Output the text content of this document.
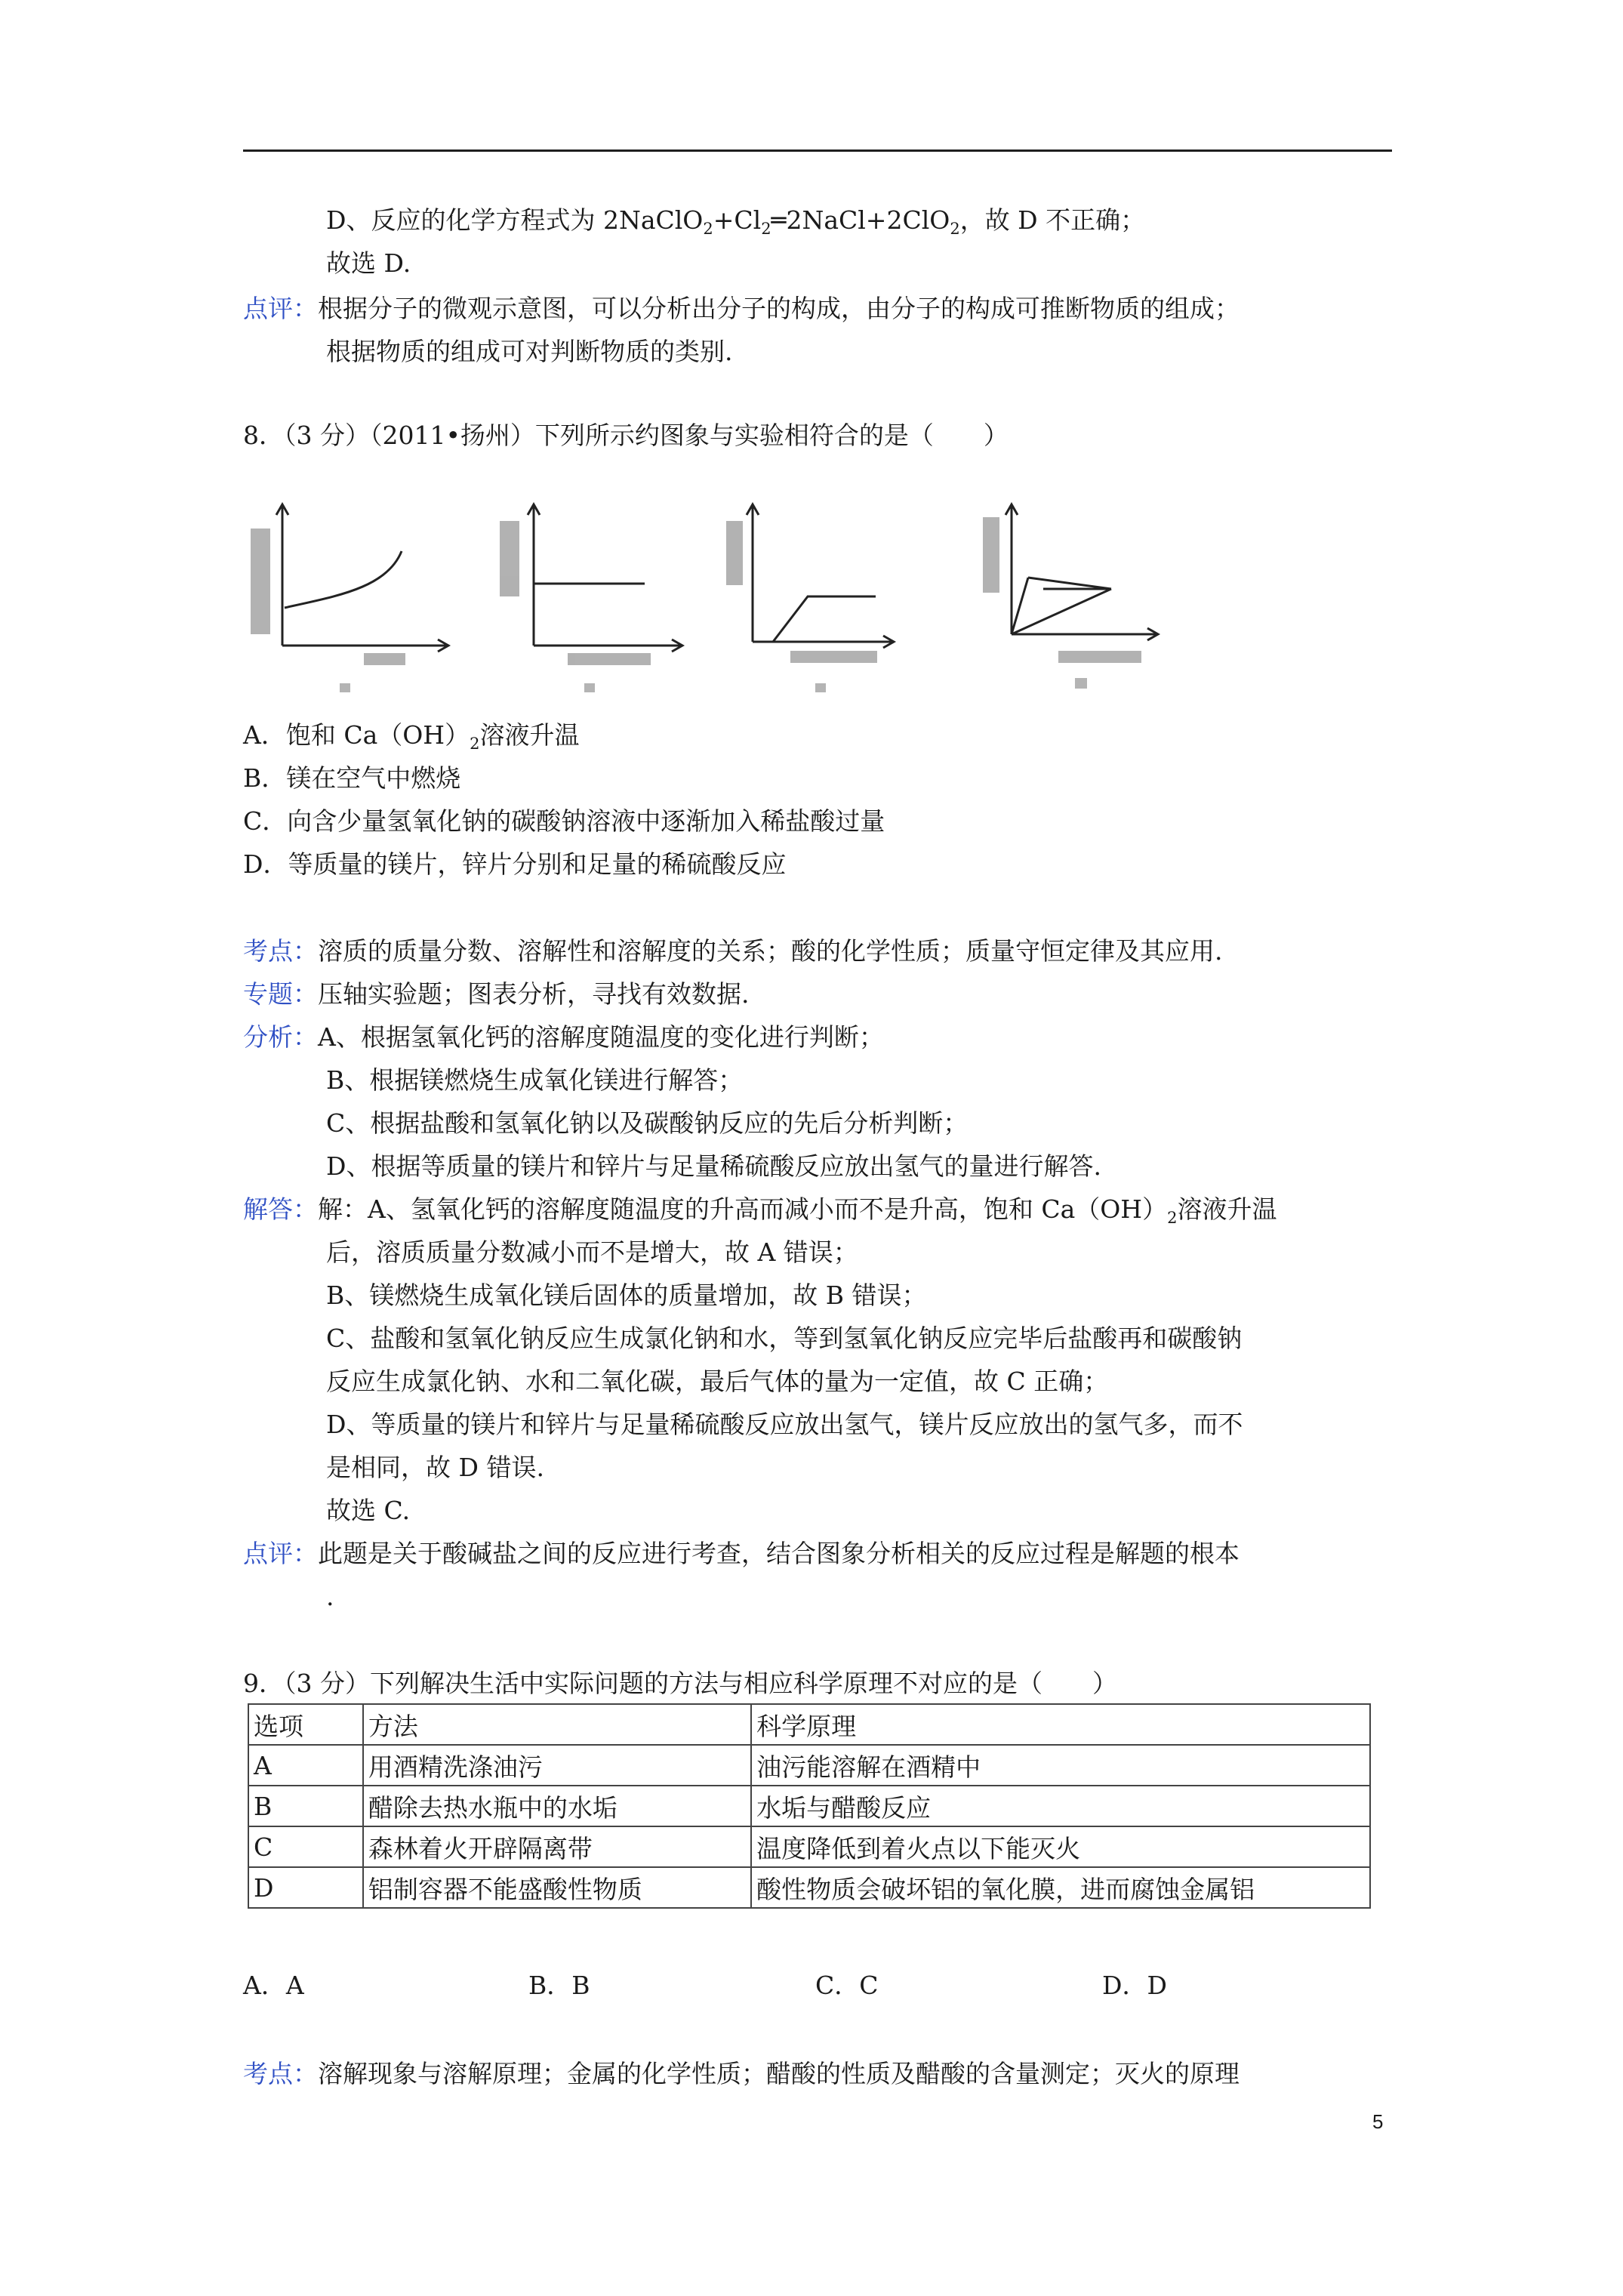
D、反应的化学方程式为 $2NaClO_2+Cl_2═2NaCl+2ClO_2$，故 D 不正确；
故选 D.
点评：根据分子的微观示意图，可以分析出分子的构成，由分子的构成可推断物质的组成；
根据物质的组成可对判断物质的类别.
8．（3 分）（2011•扬州）下列所示约图象与实验相符合的是（　　）
A．饱和 $Ca(OH)_2$溶液升温
B．镁在空气中燃烧
C．向含少量氢氧化钠的碳酸钠溶液中逐渐加入稀盐酸过量
D．等质量的镁片，锌片分别和足量的稀硫酸反应
考点：溶质的质量分数、溶解性和溶解度的关系；酸的化学性质；质量守恒定律及其应用.
专题：压轴实验题；图表分析，寻找有效数据.
分析：A、根据氢氧化钙的溶解度随温度的变化进行判断；
B、根据镁燃烧生成氧化镁进行解答；
C、根据盐酸和氢氧化钠以及碳酸钠反应的先后分析判断；
D、根据等质量的镁片和锌片与足量稀硫酸反应放出氢气的量进行解答.
解答：解：A、氢氧化钙的溶解度随温度的升高而减小而不是升高，饱和 $Ca(OH)_2$溶液升温
后，溶质质量分数减小而不是增大，故 A 错误；
B、镁燃烧生成氧化镁后固体的质量增加，故 B 错误；
C、盐酸和氢氧化钠反应生成氯化钠和水，等到氢氧化钠反应完毕后盐酸再和碳酸钠
反应生成氯化钠、水和二氧化碳，最后气体的量为一定值，故 C 正确；
D、等质量的镁片和锌片与足量稀硫酸反应放出氢气，镁片反应放出的氢气多，而不
是相同，故 D 错误.
故选 C.
点评：此题是关于酸碱盐之间的反应进行考查，结合图象分析相关的反应过程是解题的根本
.
9．（3 分）下列解决生活中实际问题的方法与相应科学原理不对应的是（　　）
选项	方法	科学原理
A	用酒精洗涤油污	油污能溶解在酒精中
B	醋除去热水瓶中的水垢	水垢与醋酸反应
C	森林着火开辟隔离带	温度降低到着火点以下能灭火
D	铝制容器不能盛酸性物质	酸性物质会破坏铝的氧化膜，进而腐蚀金属铝
A．A	B．B	C．C	D．D
考点：溶解现象与溶解原理；金属的化学性质；醋酸的性质及醋酸的含量测定；灭火的原理
5
